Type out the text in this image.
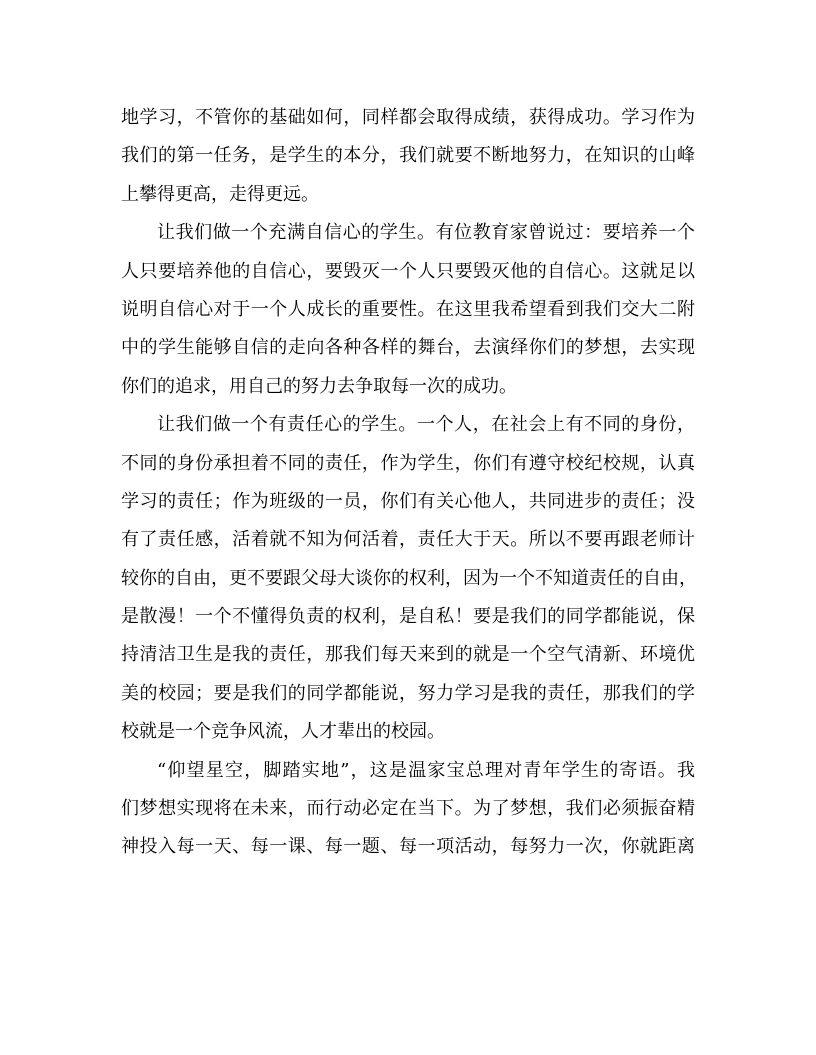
地学习，不管你的基础如何，同样都会取得成绩，获得成功。学习作为
我们的第一任务，是学生的本分，我们就要不断地努力，在知识的山峰
上攀得更高，走得更远。
让我们做一个充满自信心的学生。有位教育家曾说过：要培养一个
人只要培养他的自信心，要毁灭一个人只要毁灭他的自信心。这就足以
说明自信心对于一个人成长的重要性。在这里我希望看到我们交大二附
中的学生能够自信的走向各种各样的舞台，去演绎你们的梦想，去实现
你们的追求，用自己的努力去争取每一次的成功。
让我们做一个有责任心的学生。一个人，在社会上有不同的身份，
不同的身份承担着不同的责任，作为学生，你们有遵守校纪校规，认真
学习的责任；作为班级的一员，你们有关心他人，共同进步的责任；没
有了责任感，活着就不知为何活着，责任大于天。所以不要再跟老师计
较你的自由，更不要跟父母大谈你的权利，因为一个不知道责任的自由，
是散漫！一个不懂得负责的权利，是自私！要是我们的同学都能说，保
持清洁卫生是我的责任，那我们每天来到的就是一个空气清新、环境优
美的校园；要是我们的同学都能说，努力学习是我的责任，那我们的学
校就是一个竞争风流，人才辈出的校园。
“仰望星空，脚踏实地”，这是温家宝总理对青年学生的寄语。我
们梦想实现将在未来，而行动必定在当下。为了梦想，我们必须振奋精
神投入每一天、每一课、每一题、每一项活动，每努力一次，你就距离
